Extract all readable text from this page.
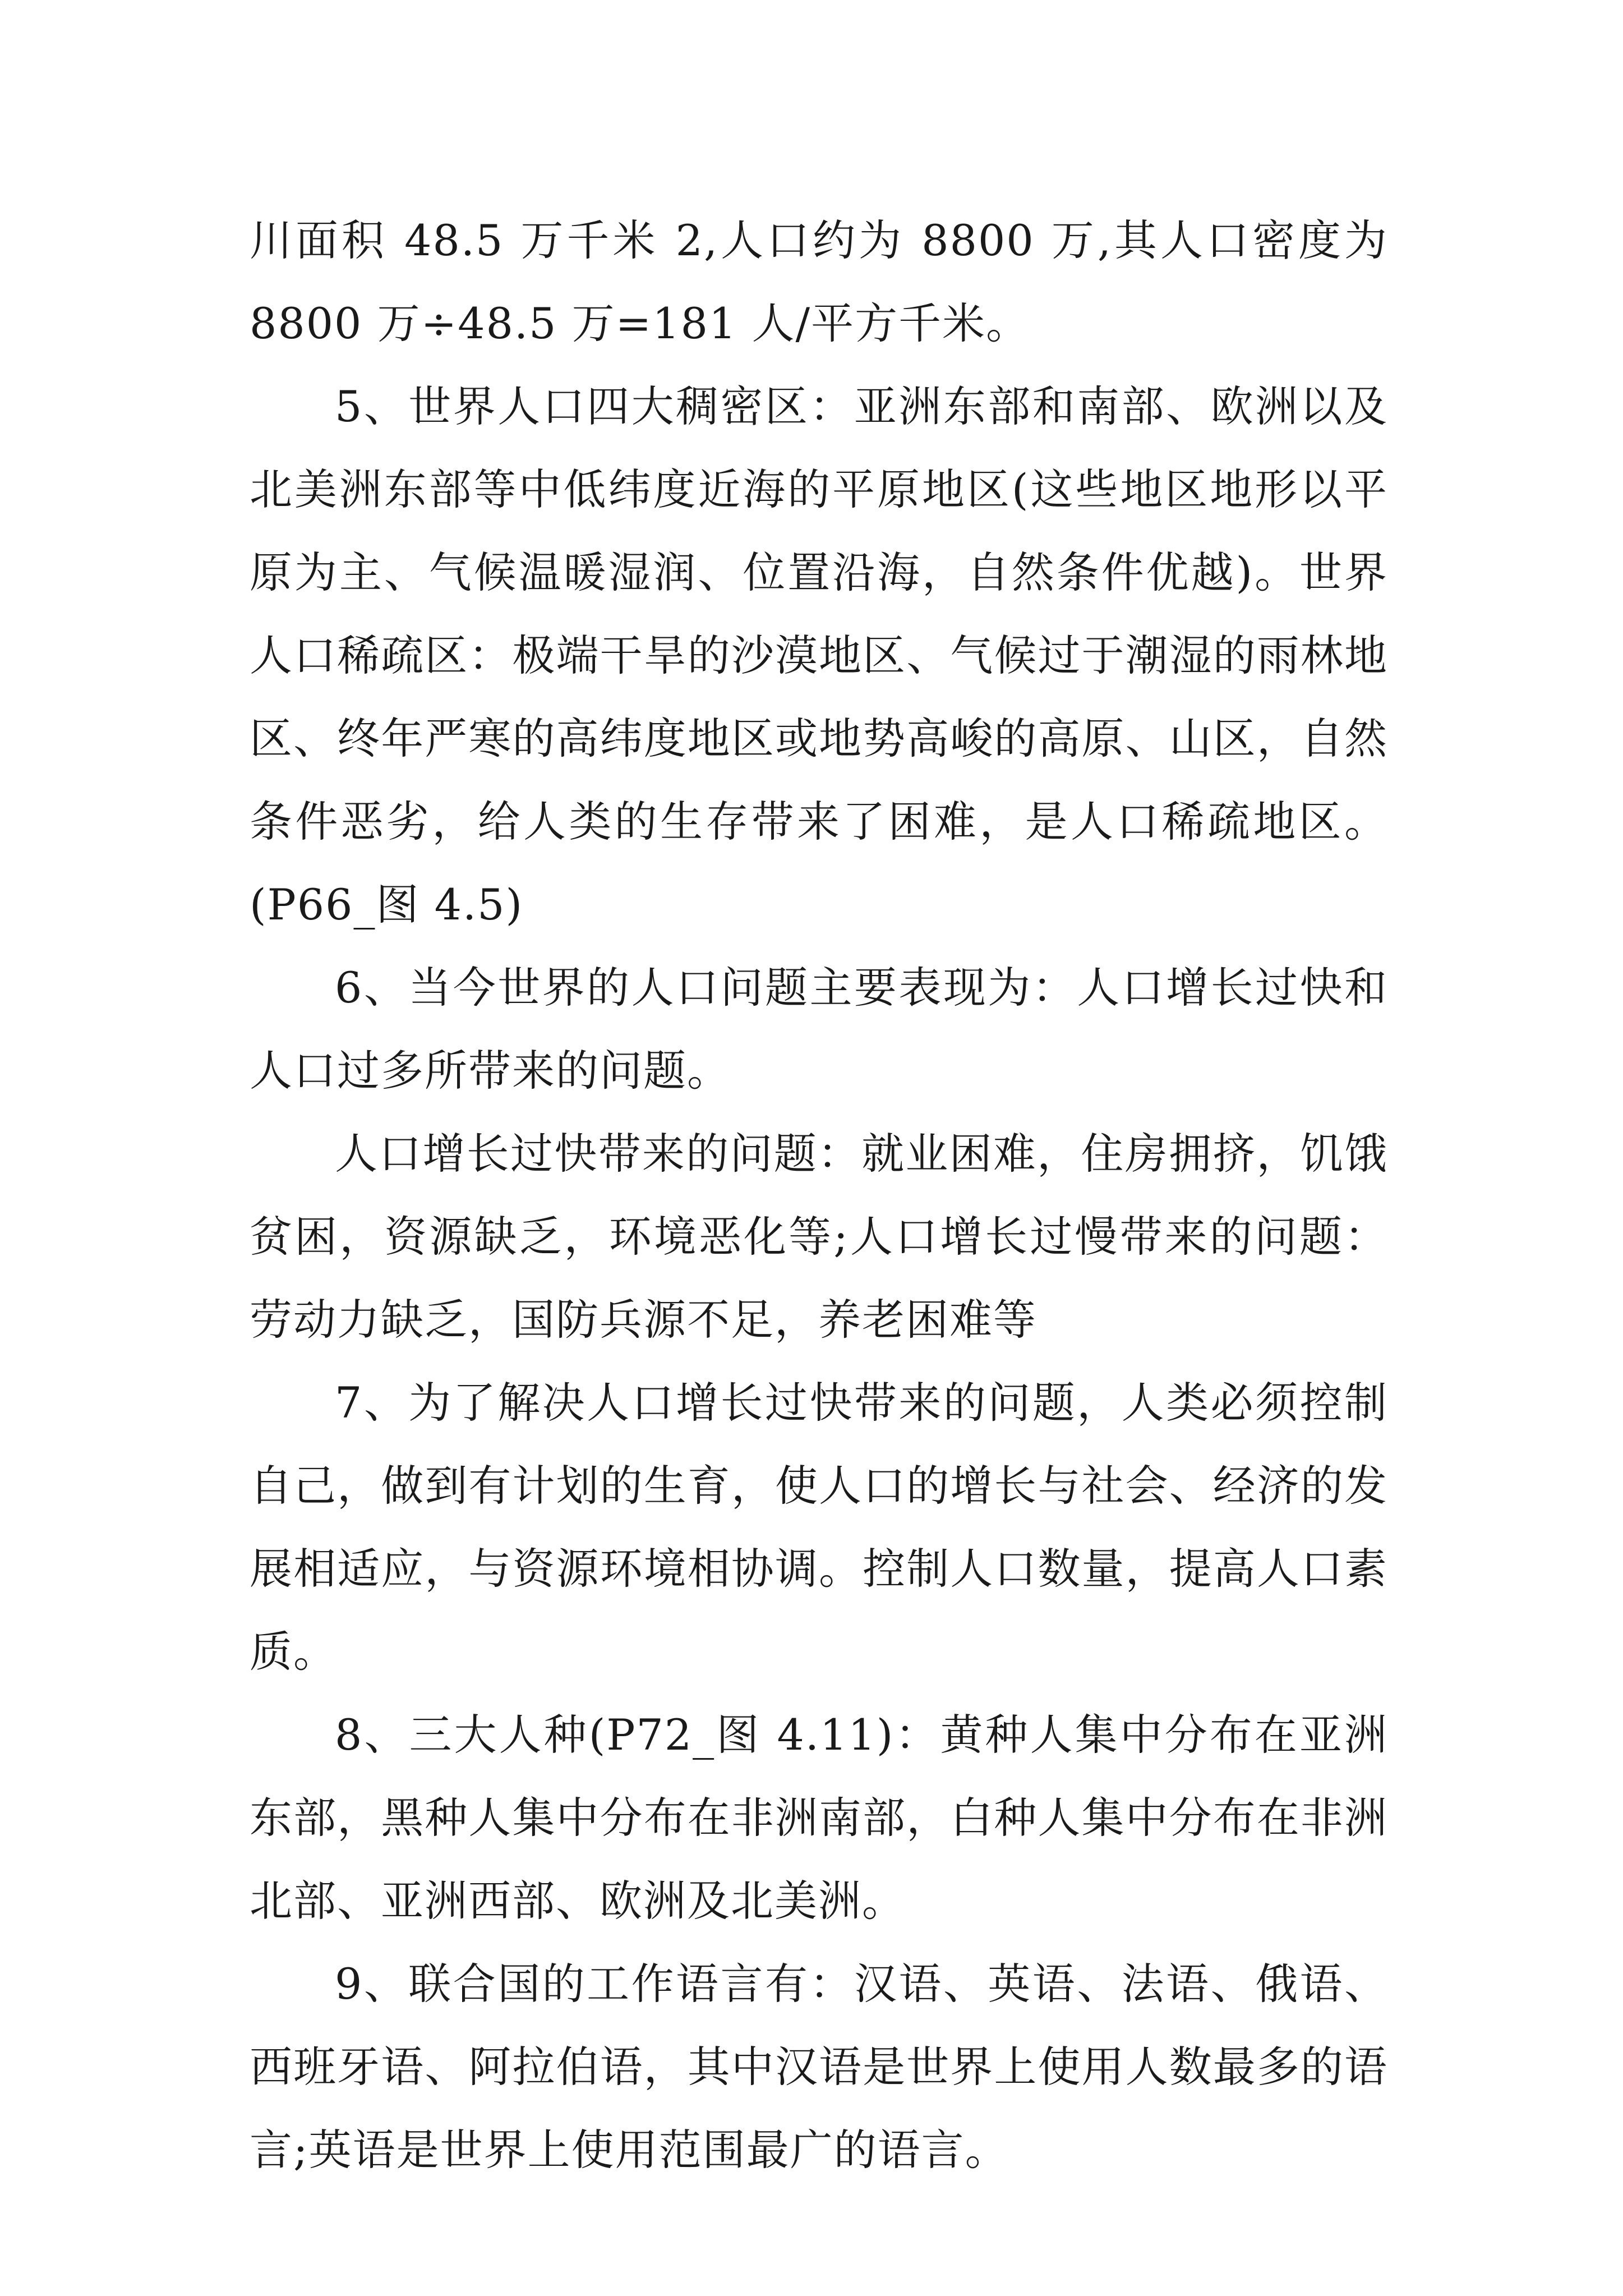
川面积 48.5 万千米 2,人口约为 8800 万,其人口密度为 8800 万÷48.5 万=181 人/平方千米。

5、世界人口四大稠密区：亚洲东部和南部、欧洲以及北美洲东部等中低纬度近海的平原地区(这些地区地形以平原为主、气候温暖湿润、位置沿海，自然条件优越)。世界人口稀疏区：极端干旱的沙漠地区、气候过于潮湿的雨林地区、终年严寒的高纬度地区或地势高峻的高原、山区，自然条件恶劣，给人类的生存带来了困难，是人口稀疏地区。(P66_图 4.5)

6、当今世界的人口问题主要表现为：人口增长过快和人口过多所带来的问题。

人口增长过快带来的问题：就业困难，住房拥挤，饥饿贫困，资源缺乏，环境恶化等;人口增长过慢带来的问题：劳动力缺乏，国防兵源不足，养老困难等

7、为了解决人口增长过快带来的问题，人类必须控制自己，做到有计划的生育，使人口的增长与社会、经济的发展相适应，与资源环境相协调。控制人口数量，提高人口素质。

8、三大人种(P72_图 4.11)：黄种人集中分布在亚洲东部，黑种人集中分布在非洲南部，白种人集中分布在非洲北部、亚洲西部、欧洲及北美洲。

9、联合国的工作语言有：汉语、英语、法语、俄语、西班牙语、阿拉伯语，其中汉语是世界上使用人数最多的语言;英语是世界上使用范围最广的语言。
